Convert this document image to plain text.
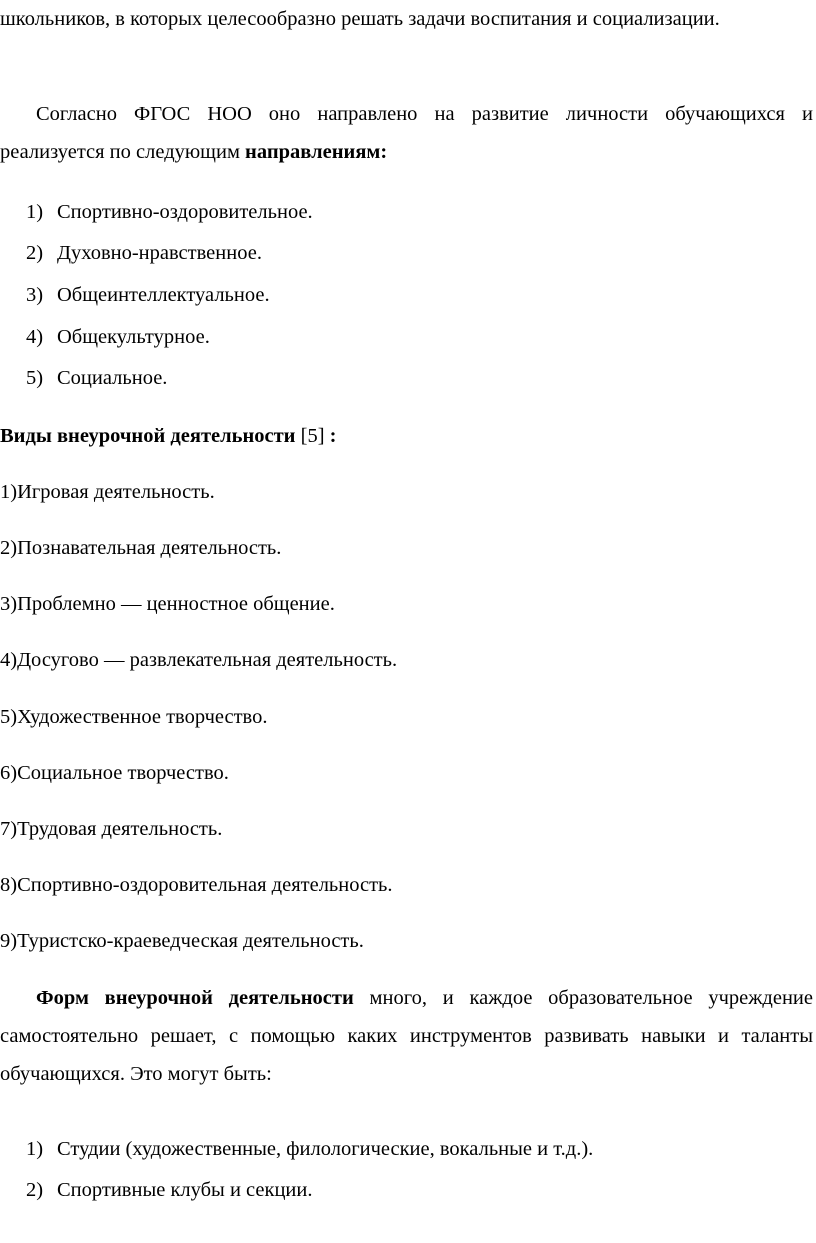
школьников, в которых целесообразно решать задачи воспитания и социализации.

Согласно ФГОС НОО оно направлено на развитие личности обучающихся и реализуется по следующим направлениям:

1) Спортивно-оздоровительное.
2) Духовно-нравственное.
3) Общеинтеллектуальное.
4) Общекультурное.
5) Социальное.
Виды внеурочной деятельности [5] :
1)Игровая деятельность.
2)Познавательная деятельность.
3)Проблемно — ценностное общение.
4)Досугово — развлекательная деятельность.
5)Художественное творчество.
6)Социальное творчество.
7)Трудовая деятельность.
8)Спортивно-оздоровительная деятельность.
9)Туристско-краеведческая деятельность.

Форм внеурочной деятельности много, и каждое образовательное учреждение самостоятельно решает, с помощью каких инструментов развивать навыки и таланты обучающихся. Это могут быть:

1) Студии (художественные, филологические, вокальные и т.д.).
2) Спортивные клубы и секции.
